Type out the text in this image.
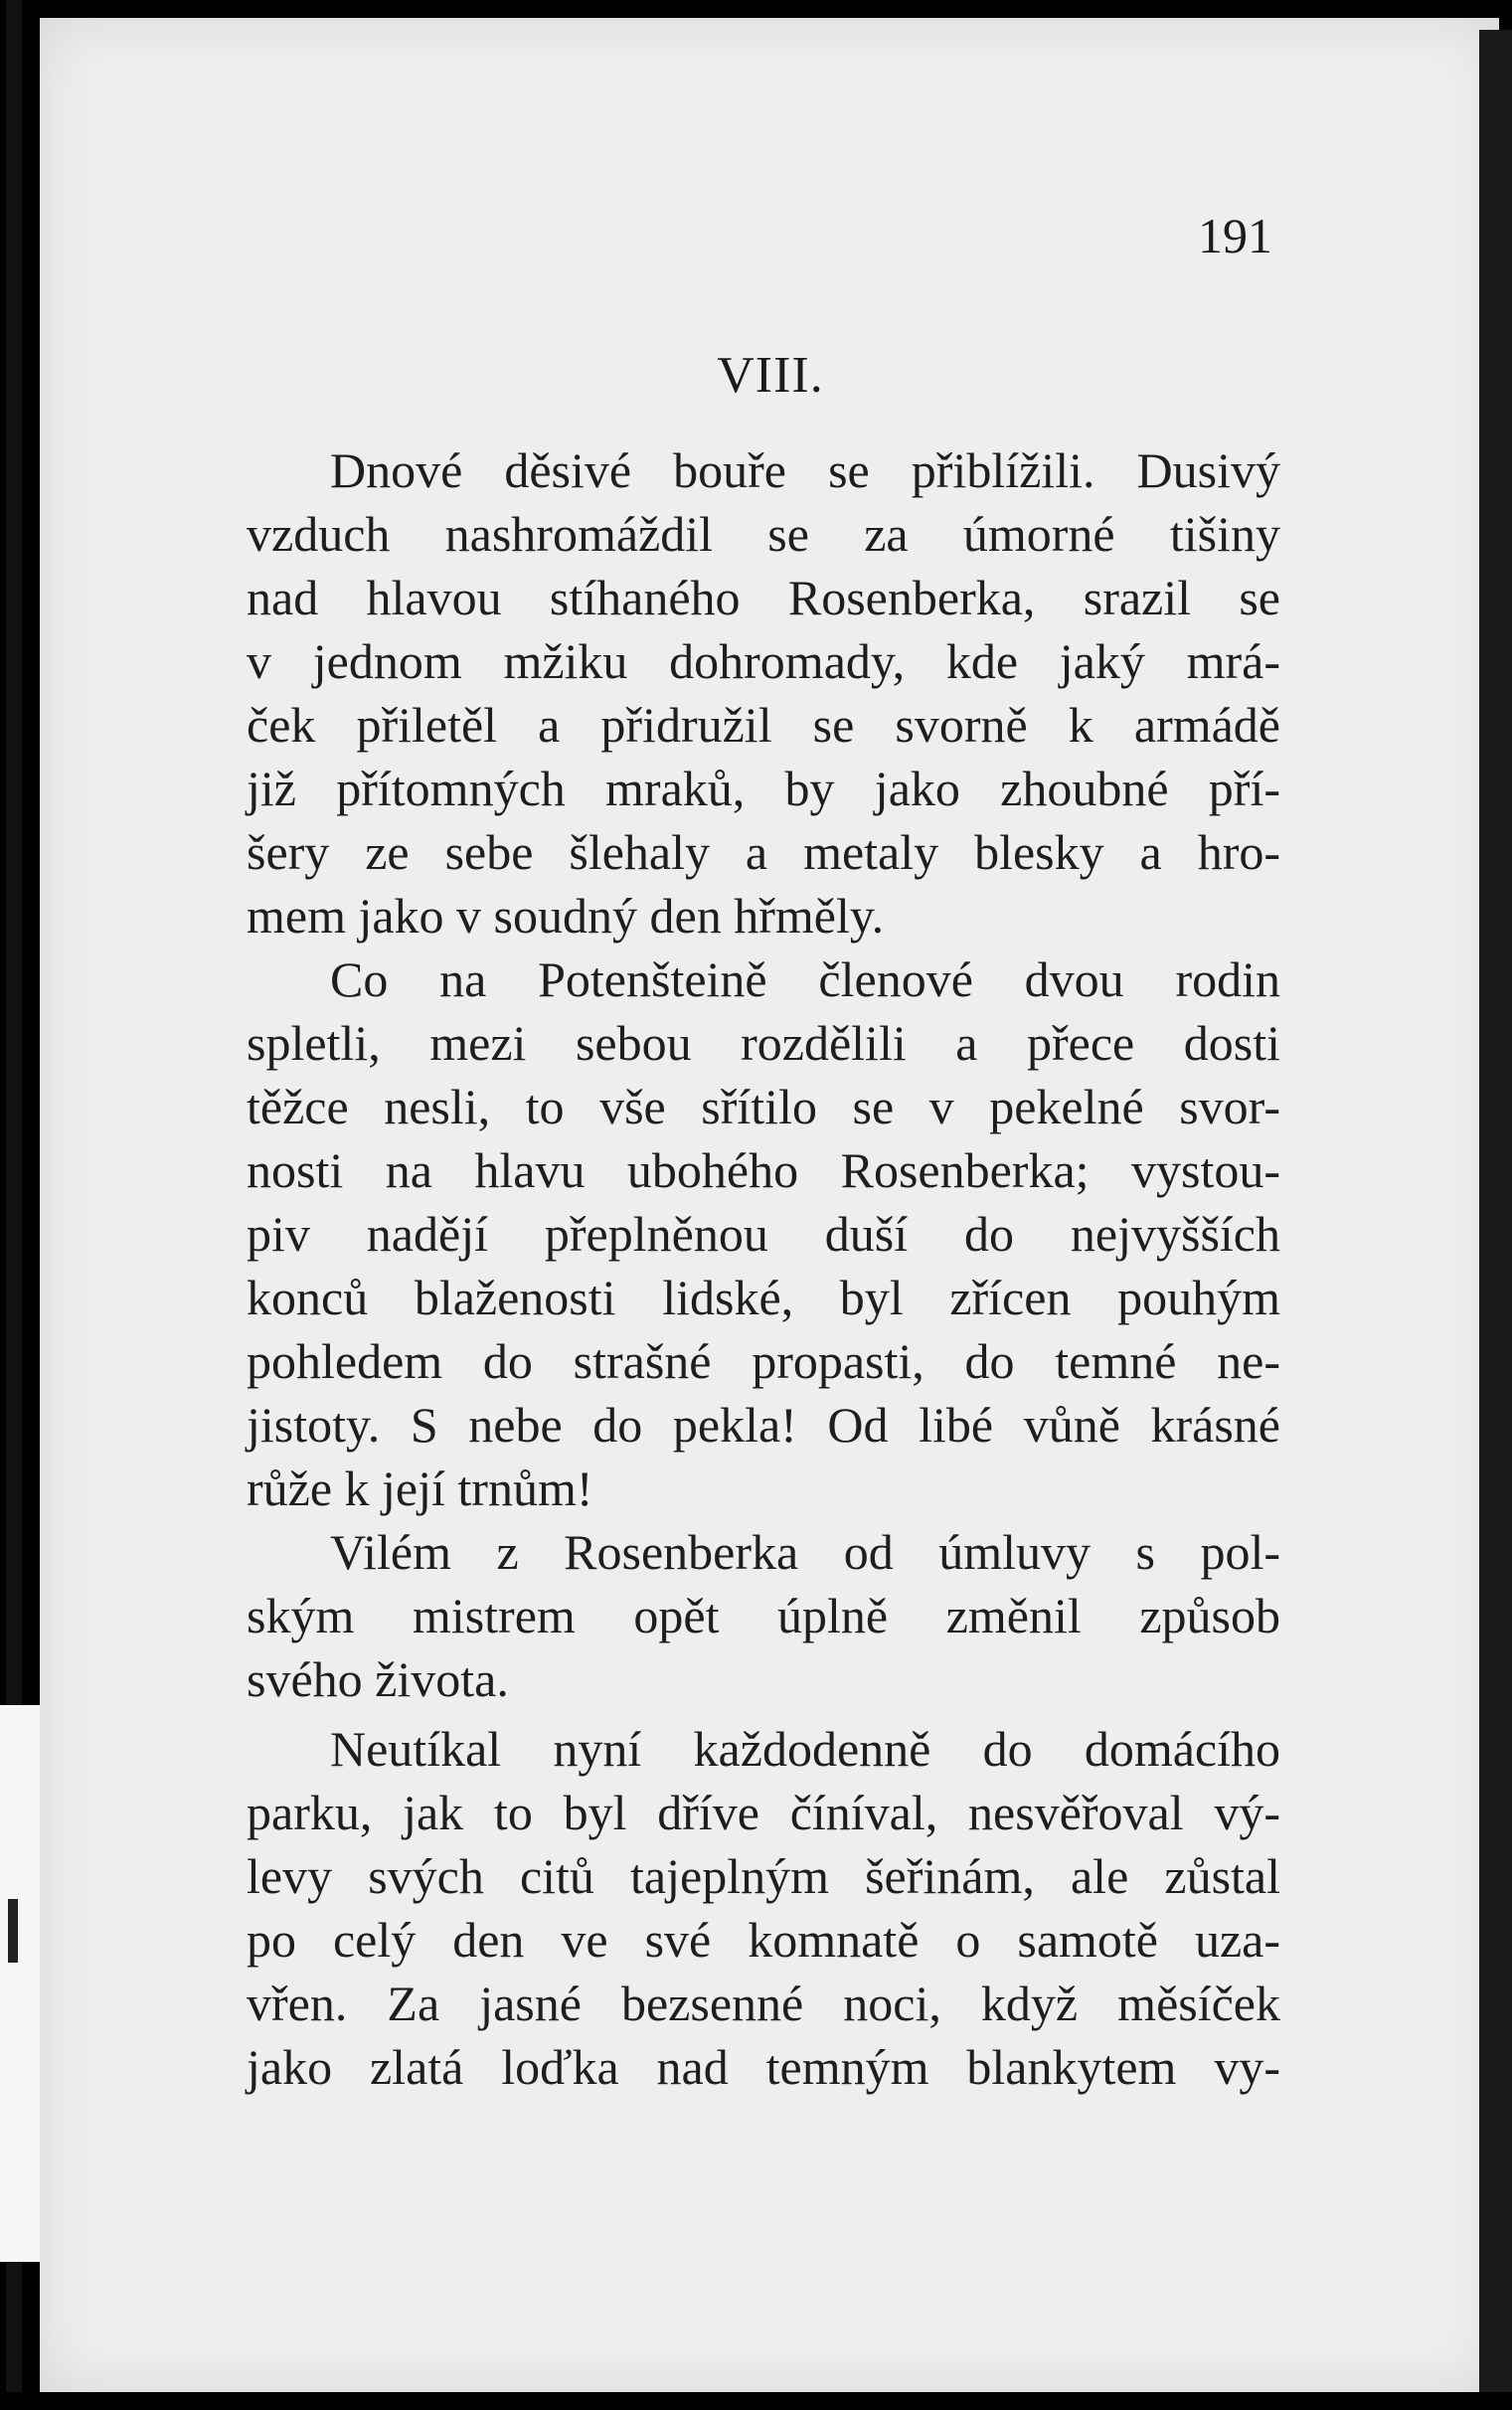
191
VIII.
Dnové děsivé bouře se přiblížili. Dusivý
vzduch nashromáždil se za úmorné tišiny
nad hlavou stíhaného Rosenberka, srazil se
v jednom mžiku dohromady, kde jaký mrá-
ček přiletěl a přidružil se svorně k armádě
již přítomných mraků, by jako zhoubné pří-
šery ze sebe šlehaly a metaly blesky a hro-
mem jako v soudný den hřměly.
Co na Potenšteině členové dvou rodin
spletli, mezi sebou rozdělili a přece dosti
těžce nesli, to vše sřítilo se v pekelné svor-
nosti na hlavu ubohého Rosenberka; vystou-
piv nadějí přeplněnou duší do nejvyšších
konců blaženosti lidské, byl zřícen pouhým
pohledem do strašné propasti, do temné ne-
jistoty. S nebe do pekla! Od libé vůně krásné
růže k její trnům!
Vilém z Rosenberka od úmluvy s pol-
ským mistrem opět úplně změnil způsob
svého života.
Neutíkal nyní každodenně do domácího
parku, jak to byl dříve číníval, nesvěřoval vý-
levy svých citů tajeplným šeřinám, ale zůstal
po celý den ve své komnatě o samotě uza-
vřen. Za jasné bezsenné noci, když měsíček
jako zlatá loďka nad temným blankytem vy-
